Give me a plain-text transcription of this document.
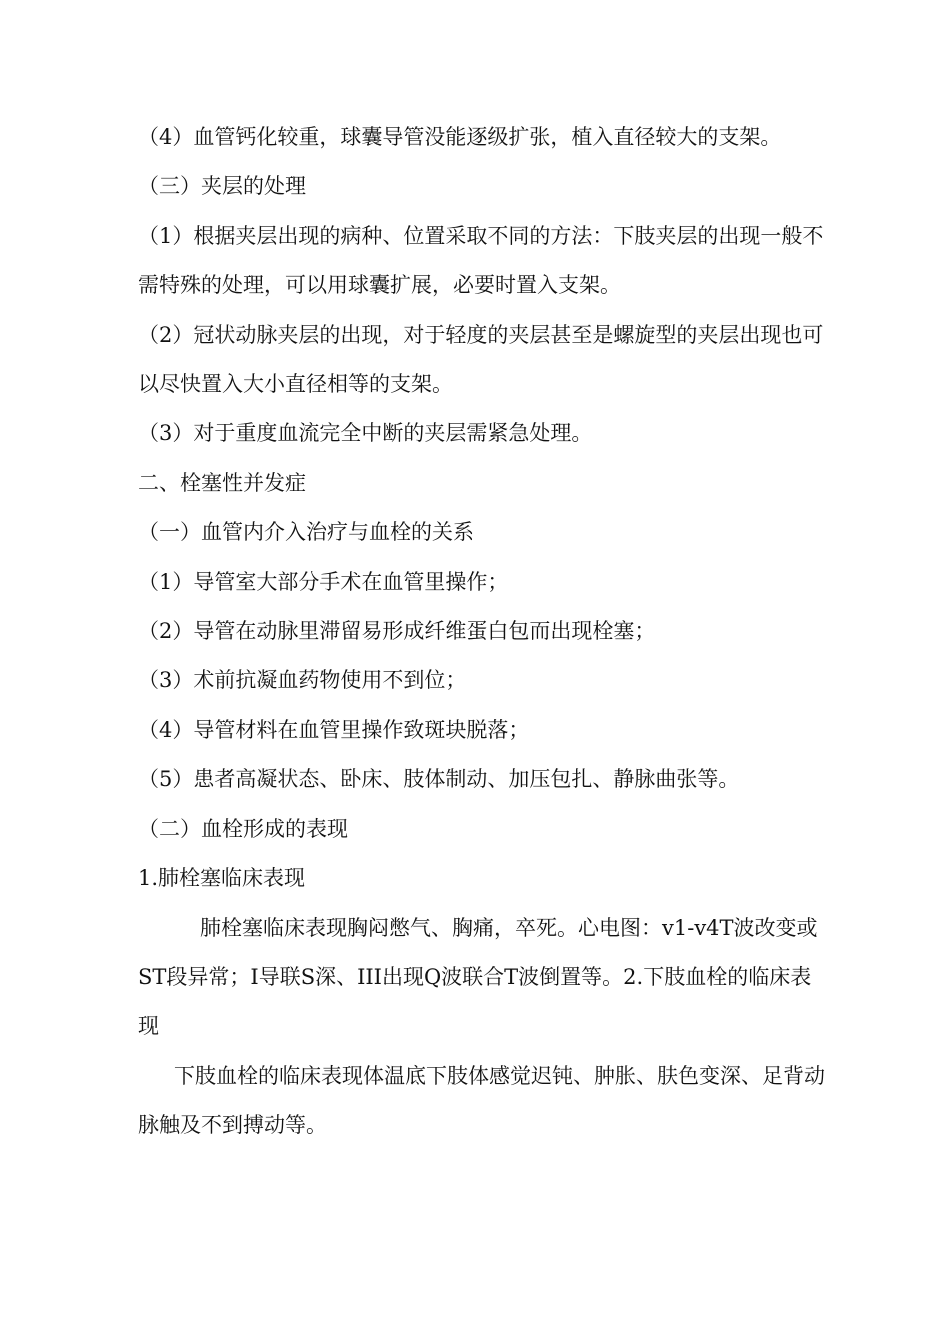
（4）血管钙化较重，球囊导管没能逐级扩张，植入直径较大的支架。

（三）夹层的处理

（1）根据夹层出现的病种、位置采取不同的方法：下肢夹层的出现一般不需特殊的处理，可以用球囊扩展，必要时置入支架。

（2）冠状动脉夹层的出现，对于轻度的夹层甚至是螺旋型的夹层出现也可以尽快置入大小直径相等的支架。

（3）对于重度血流完全中断的夹层需紧急处理。

二、栓塞性并发症

（一）血管内介入治疗与血栓的关系

（1）导管室大部分手术在血管里操作；

（2）导管在动脉里滞留易形成纤维蛋白包而出现栓塞；

（3）术前抗凝血药物使用不到位；

（4）导管材料在血管里操作致斑块脱落；

（5）患者高凝状态、卧床、肢体制动、加压包扎、静脉曲张等。

（二）血栓形成的表现

1.肺栓塞临床表现

肺栓塞临床表现胸闷憋气、胸痛，卒死。心电图：v1-v4T波改变或ST段异常；I导联S深、III出现Q波联合T波倒置等。2.下肢血栓的临床表现

下肢血栓的临床表现体温底下肢体感觉迟钝、肿胀、肤色变深、足背动脉触及不到搏动等。
